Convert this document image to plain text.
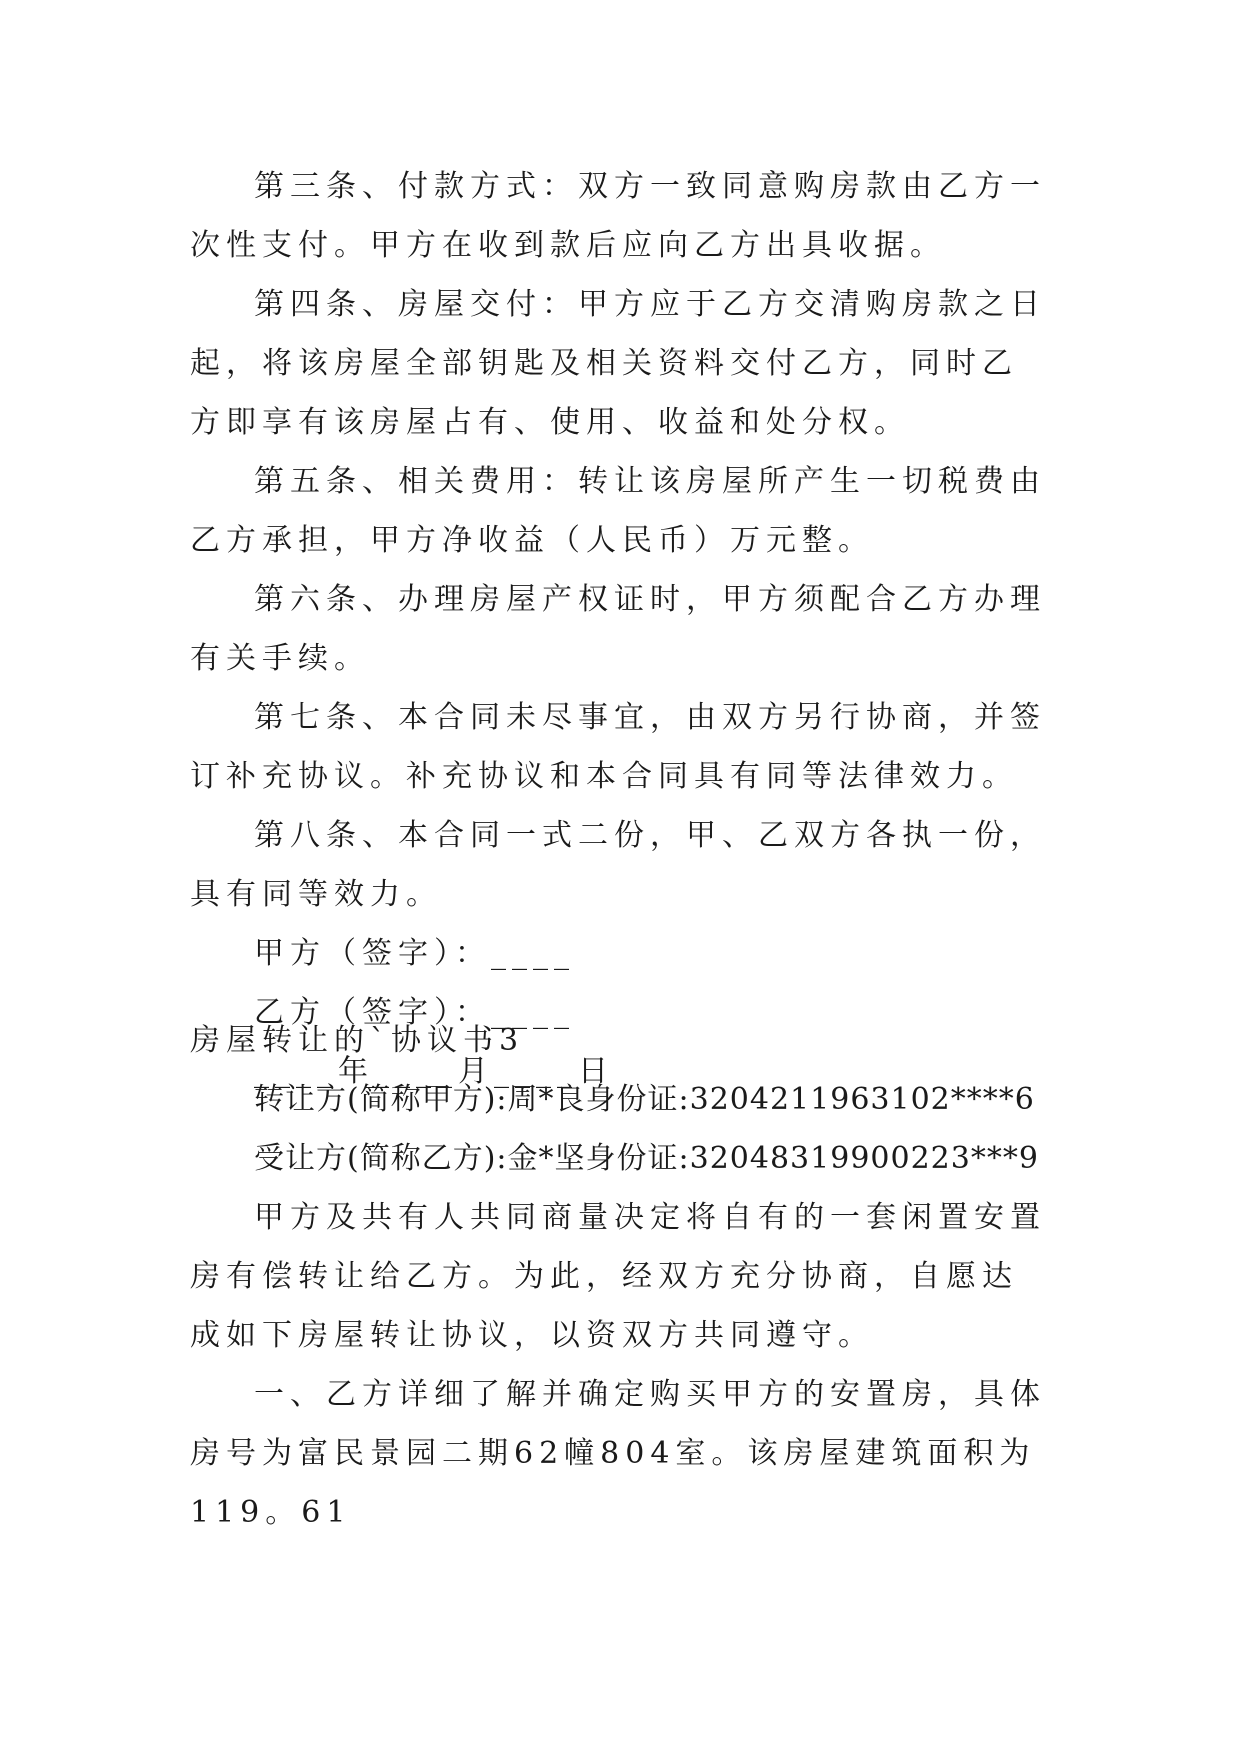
第三条、付款方式：双方一致同意购房款由乙方一次性支付。甲方在收到款后应向乙方出具收据。

第四条、房屋交付：甲方应于乙方交清购房款之日起，将该房屋全部钥匙及相关资料交付乙方，同时乙方即享有该房屋占有、使用、收益和处分权。

第五条、相关费用：转让该房屋所产生一切税费由乙方承担，甲方净收益（人民币）万元整。

第六条、办理房屋产权证时，甲方须配合乙方办理有关手续。

第七条、本合同未尽事宜，由双方另行协商，并签订补充协议。补充协议和本合同具有同等法律效力。

第八条、本合同一式二份，甲、乙双方各执一份，具有同等效力。

甲方（签字）：____

乙方（签字）：____

____年____月____日

房屋转让的`协议书3

转让方(简称甲方):周*良身份证:3204211963102****6

受让方(简称乙方):金*坚身份证:32048319900223***9

甲方及共有人共同商量决定将自有的一套闲置安置房有偿转让给乙方。为此，经双方充分协商，自愿达成如下房屋转让协议，以资双方共同遵守。

一、乙方详细了解并确定购买甲方的安置房，具体房号为富民景园二期62幢804室。该房屋建筑面积为119。61
